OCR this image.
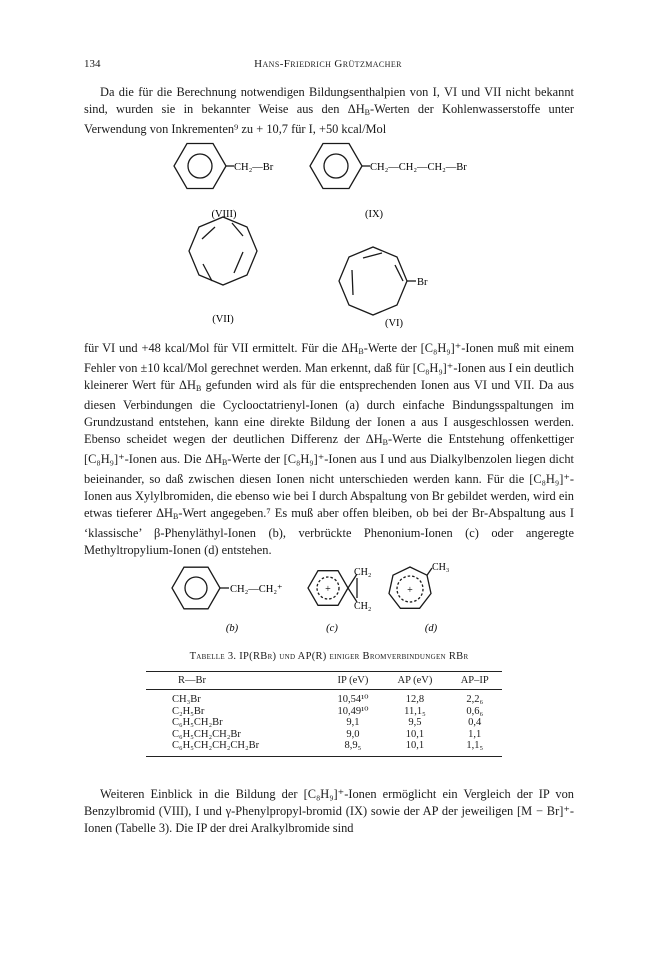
134	Hans-Friedrich Grützmacher

Da die für die Berechnung notwendigen Bildungsenthalpien von I, VI und VII nicht bekannt sind, wurden sie in bekannter Weise aus den $\Delta H_B$-Werten der Kohlenwasserstoffe unter Verwendung von Inkrementen⁹ zu + 10,7 für I, +50 kcal/Mol

CH₂—Br
(VIII)
CH₂—CH₂—CH₂—Br
(IX)
(VII)
Br
(VI)

für VI und +48 kcal/Mol für VII ermittelt. Für die $\Delta H_B$-Werte der [C₈H₉]⁺-Ionen muß mit einem Fehler von ±10 kcal/Mol gerechnet werden. Man erkennt, daß für [C₈H₉]⁺-Ionen aus I ein deutlich kleinerer Wert für $\Delta H_B$ gefunden wird als für die entsprechenden Ionen aus VI und VII. Da aus diesen Verbindungen die Cyclooctatrienyl-Ionen (a) durch einfache Bindungsspaltungen im Grundzustand entstehen, kann eine direkte Bildung der Ionen a aus I ausgeschlossen werden. Ebenso scheidet wegen der deutlichen Differenz der $\Delta H_B$-Werte die Entstehung offenkettiger [C₈H₉]⁺-Ionen aus. Die $\Delta H_B$-Werte der [C₈H₉]⁺-Ionen aus I und aus Dialkylbenzolen liegen dicht beieinander, so daß zwischen diesen Ionen nicht unterschieden werden kann. Für die [C₈H₉]⁺-Ionen aus Xylylbromiden, die ebenso wie bei I durch Abspaltung von Br gebildet werden, wird ein etwas tieferer $\Delta H_B$-Wert angegeben.⁷ Es muß aber offen bleiben, ob bei der Br-Abspaltung aus I ‘klassische’ β-Phenyläthyl-Ionen (b), verbrückte Phenonium-Ionen (c) oder angeregte Methyltropylium-Ionen (d) entstehen.

CH₂—CH₂⁺
(b)
+
CH₂
CH₂
(c)
+
CH₃
(d)
Tabelle 3. IP(RBr) und AP(R) einiger Bromverbindungen RBr
R—Br	IP (eV)	AP (eV)	AP–IP
CH₃Br	10,54¹⁰	12,8	2,2₆
C₂H₅Br	10,49¹⁰	11,1₅	0,6₆
C₆H₅CH₂Br	9,1	9,5	0,4
C₆H₅CH₂CH₂Br	9,0	10,1	1,1
C₆H₅CH₂CH₂CH₂Br	8,9₅	10,1	1,1₅

Weiteren Einblick in die Bildung der [C₈H₉]⁺-Ionen ermöglicht ein Vergleich der IP von Benzylbromid (VIII), I und γ-Phenylpropyl-bromid (IX) sowie der AP der jeweiligen [M − Br]⁺-Ionen (Tabelle 3). Die IP der drei Aralkylbromide sind
